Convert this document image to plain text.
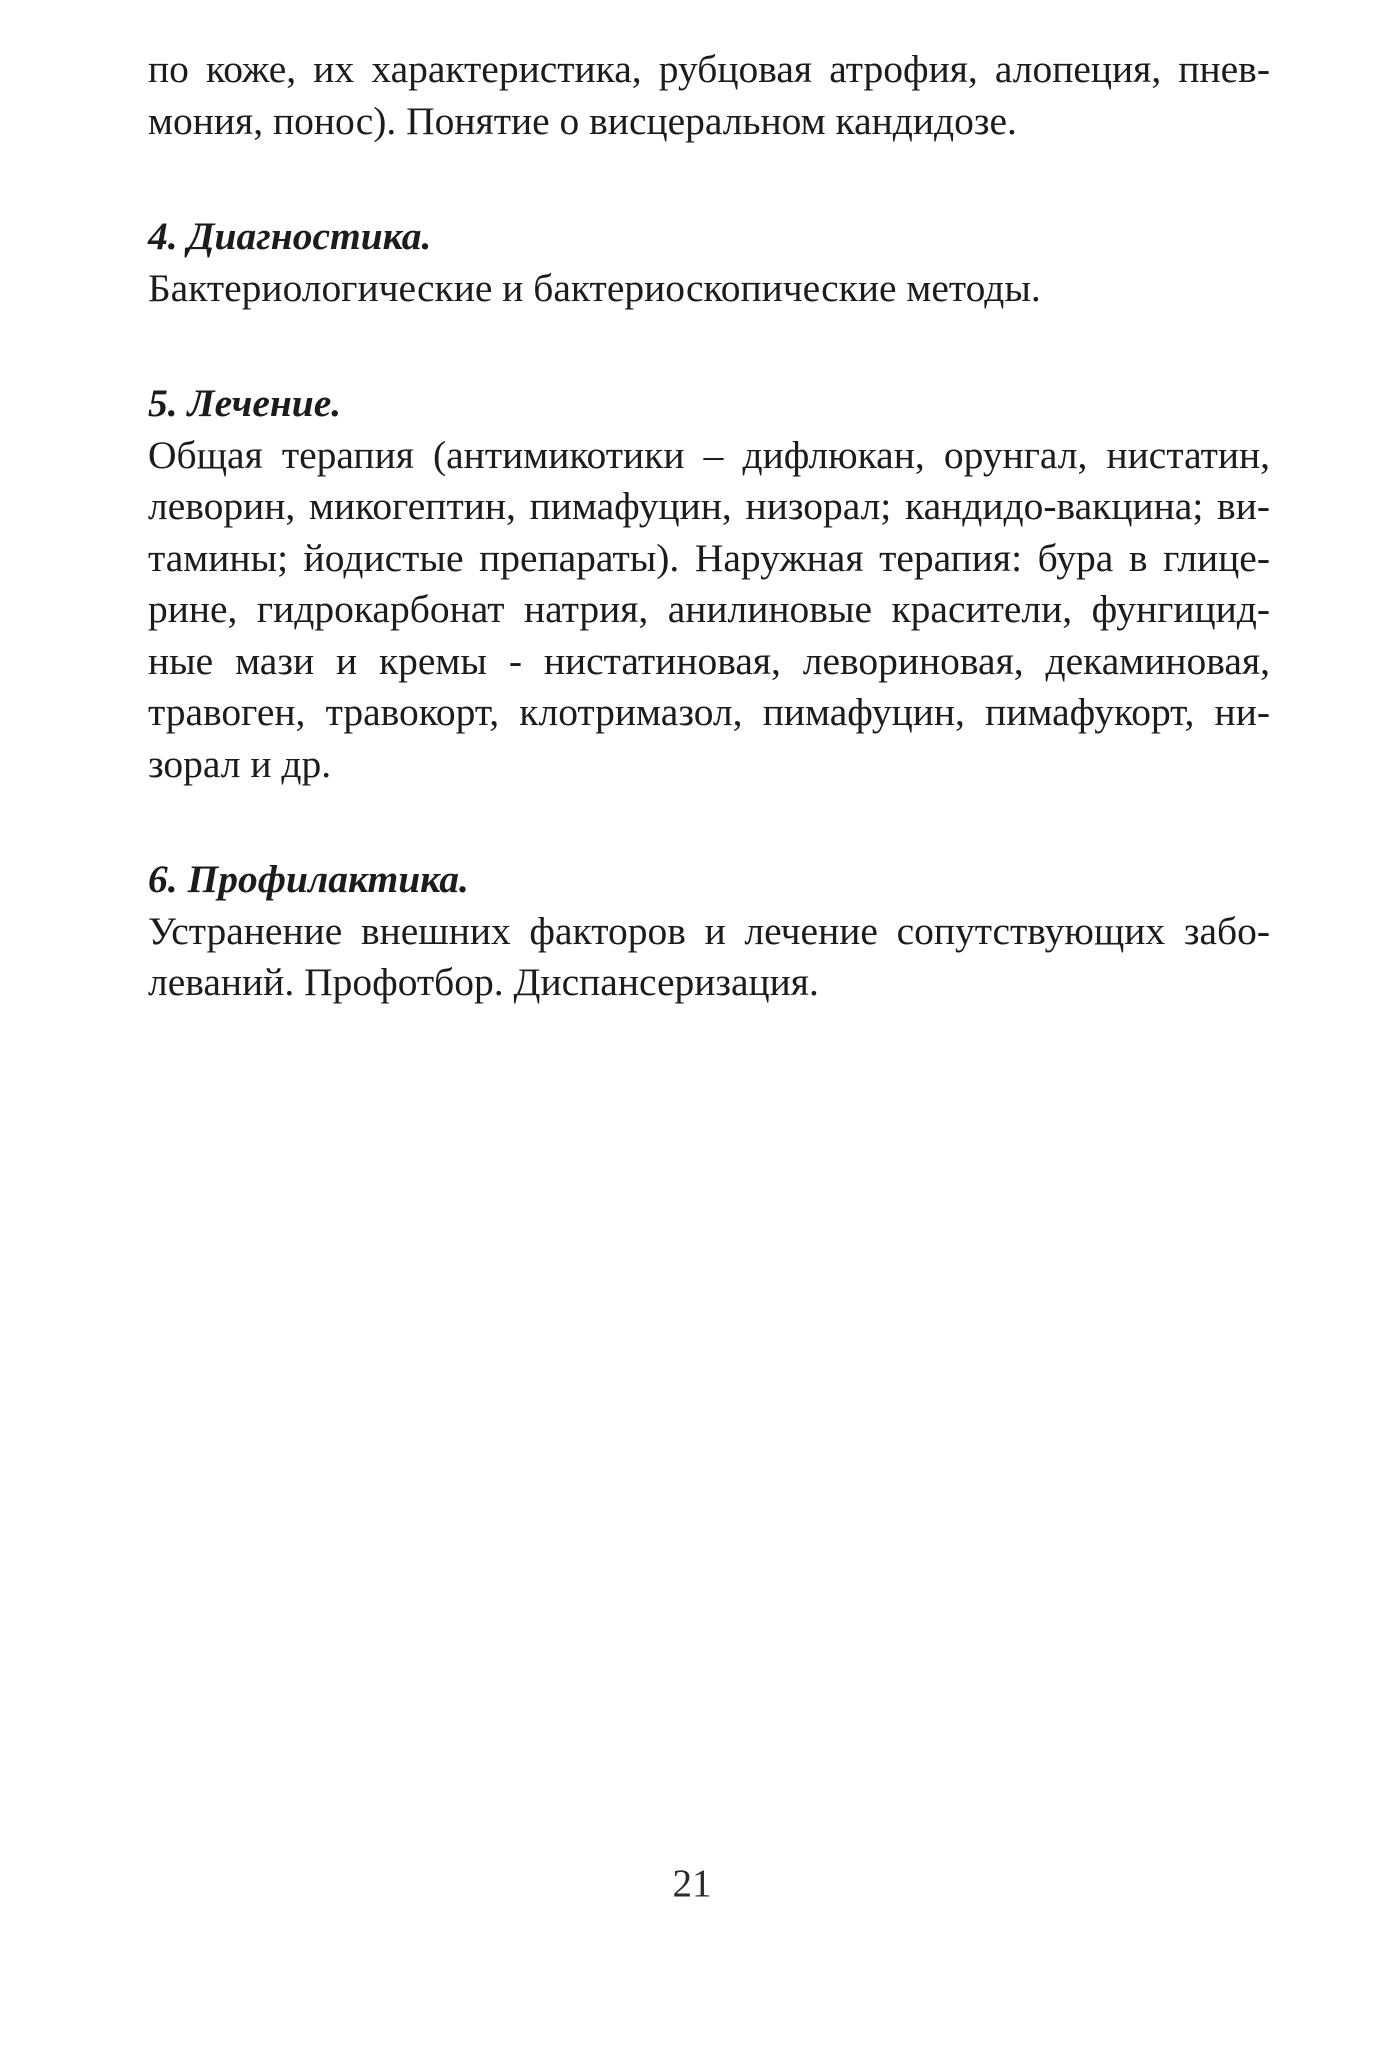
по коже, их характеристика, рубцовая атрофия, алопеция, пнев-
мония, понос). Понятие о висцеральном кандидозе.

4. Диагностика.

Бактериологические и бактериоскопические методы.

5. Лечение.

Общая терапия (антимикотики – дифлюкан, орунгал, нистатин,
леворин, микогептин, пимафуцин, низорал; кандидо-вакцина; ви-
тамины; йодистые препараты). Наружная терапия: бура в глице-
рине, гидрокарбонат натрия, анилиновые красители, фунгицид-
ные мази и кремы - нистатиновая, левориновая, декаминовая,
травоген, травокорт, клотримазол, пимафуцин, пимафукорт, ни-
зорал и др.

6. Профилактика.

Устранение внешних факторов и лечение сопутствующих забо-
леваний. Профотбор. Диспансеризация.

21
